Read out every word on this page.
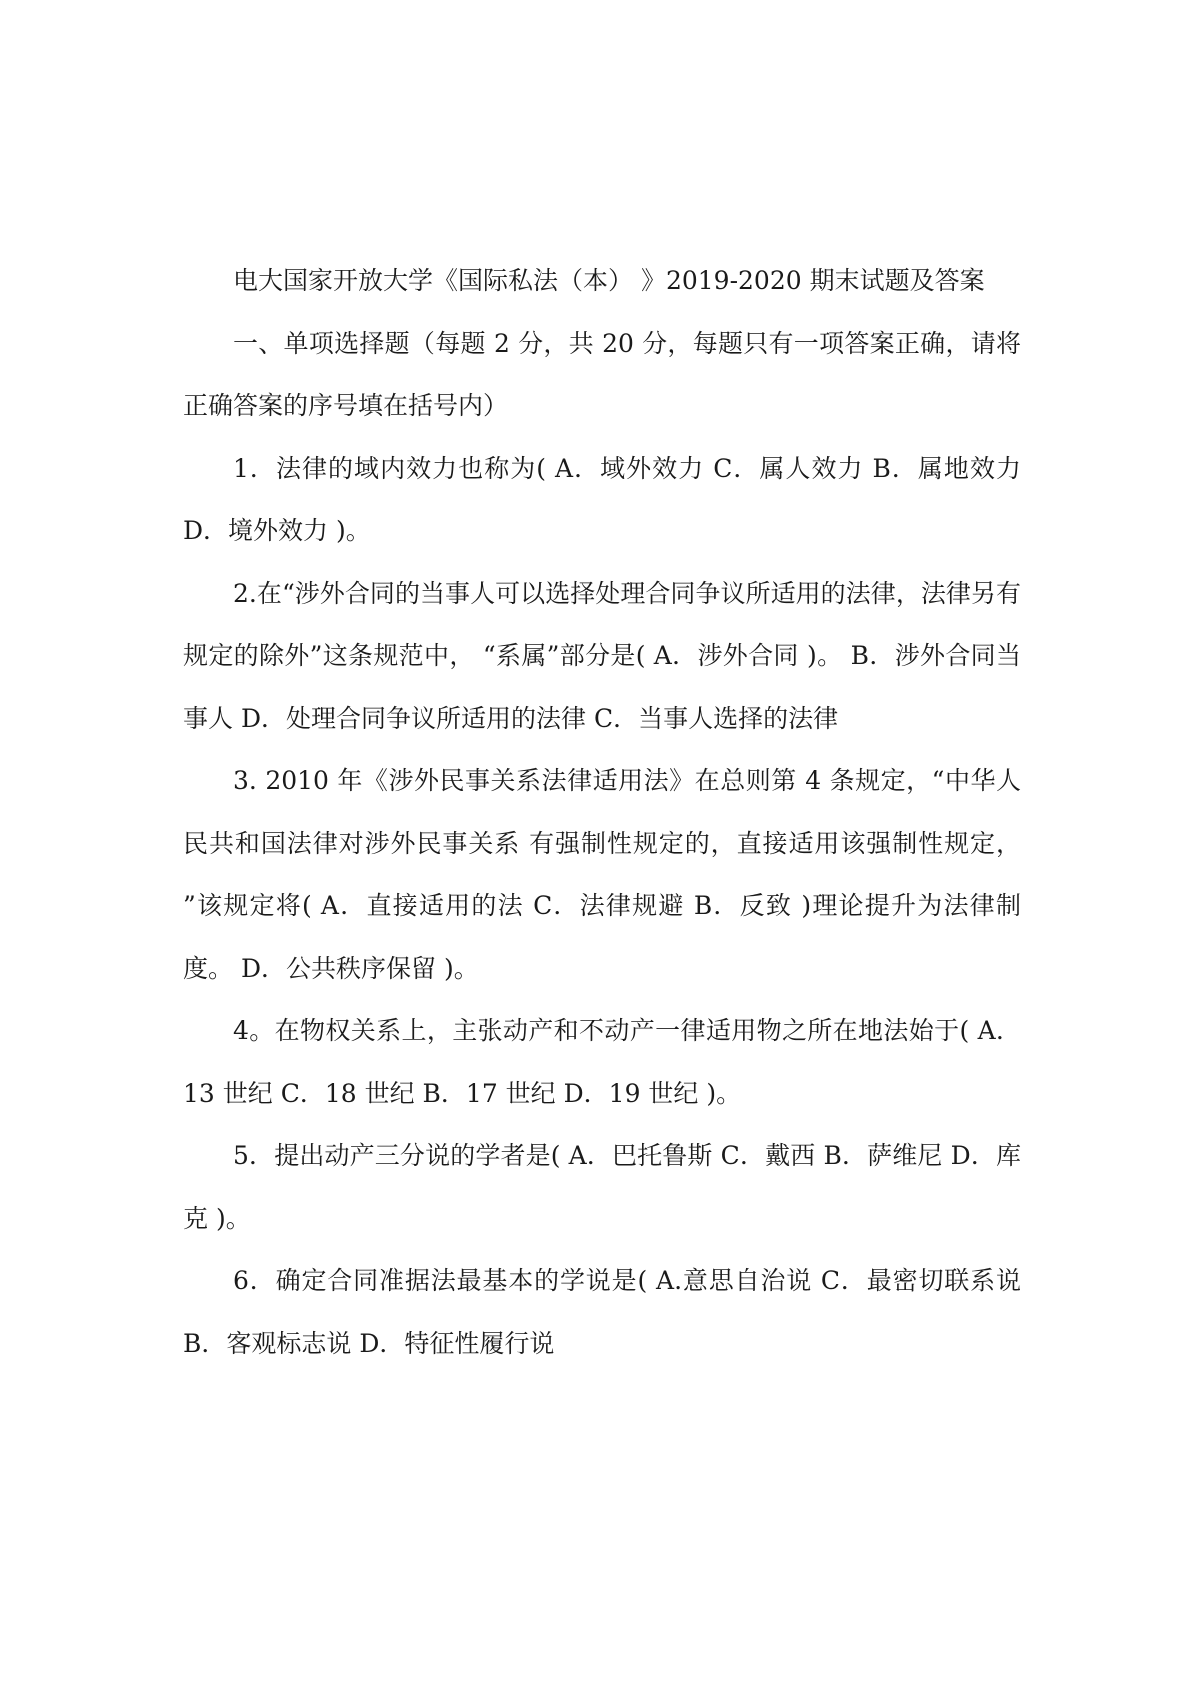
电大国家开放大学《国际私法（本） 》2019-2020 期末试题及答案

一、单项选择题（每题 2 分，共 20 分，每题只有一项答案正确，请将正确答案的序号填在括号内）

1．法律的域内效力也称为( A．域外效力 C．属人效力 B．属地效力 D．境外效力 )。

2.在“涉外合同的当事人可以选择处理合同争议所适用的法律，法律另有规定的除外”这条规范中， “系属”部分是( A．涉外合同 )。 B．涉外合同当事人 D．处理合同争议所适用的法律 C．当事人选择的法律

3. 2010 年《涉外民事关系法律适用法》在总则第 4 条规定，“中华人民共和国法律对涉外民事关系 有强制性规定的，直接适用该强制性规定， ”该规定将( A．直接适用的法 C．法律规避 B．反致 )理论提升为法律制度。 D．公共秩序保留 )。

4。在物权关系上，主张动产和不动产一律适用物之所在地法始于( A．13 世纪 C．18 世纪 B．17 世纪 D．19 世纪 )。

5．提出动产三分说的学者是( A．巴托鲁斯 C．戴西 B．萨维尼 D．库克 )。

6．确定合同准据法最基本的学说是( A.意思自治说 C．最密切联系说 B．客观标志说 D．特征性履行说
